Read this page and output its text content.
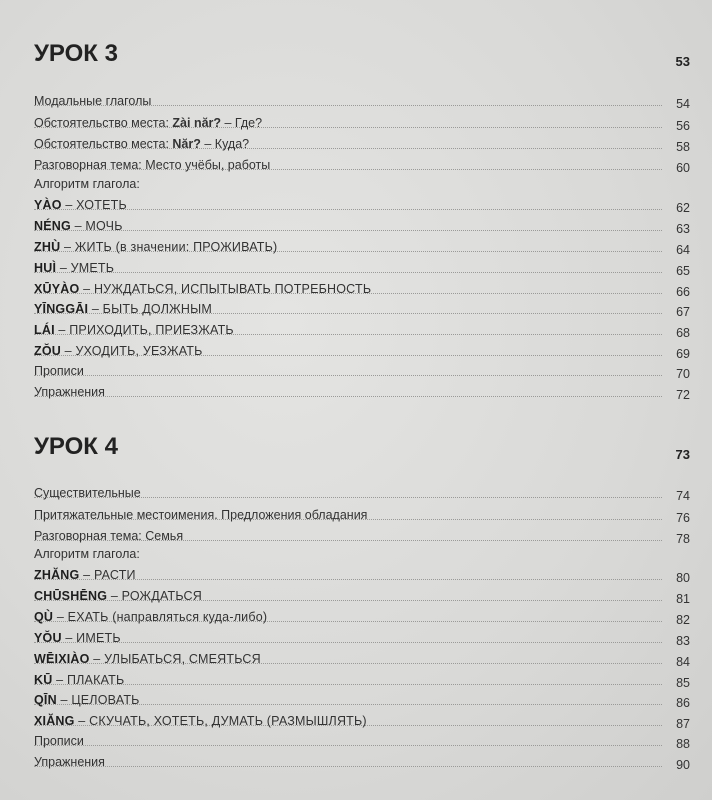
УРОК 3	53
Модальные глаголы	54
Обстоятельство места: Zài năr? – Где?	56
Обстоятельство места: Năr? – Куда?	58
Разговорная тема: Место учёбы, работы	60
Алгоритм глагола:
YÀO – ХОТЕТЬ	62
NÉNG – МОЧЬ	63
ZHÙ – ЖИТЬ (в значении: ПРОЖИВАТЬ)	64
HUÌ – УМЕТЬ	65
XŪYÀO – НУЖДАТЬСЯ, ИСПЫТЫВАТЬ ПОТРЕБНОСТЬ	66
YĪNGGĀI – БЫТЬ ДОЛЖНЫМ	67
LÁI – ПРИХОДИТЬ, ПРИЕЗЖАТЬ	68
ZŎU – УХОДИТЬ, УЕЗЖАТЬ	69
Прописи	70
Упражнения	72
УРОК 4	73
Существительные	74
Притяжательные местоимения. Предложения обладания	76
Разговорная тема: Семья	78
Алгоритм глагола:
ZHĂNG – РАСТИ	80
CHŪSHĒNG – РОЖДАТЬСЯ	81
QÙ – ЕХАТЬ (направляться куда-либо)	82
YŎU – ИМЕТЬ	83
WĒIXIÀO – УЛЫБАТЬСЯ, СМЕЯТЬСЯ	84
KŪ – ПЛАКАТЬ	85
QĪN – ЦЕЛОВАТЬ	86
XIĂNG – СКУЧАТЬ, ХОТЕТЬ, ДУМАТЬ (РАЗМЫШЛЯТЬ)	87
Прописи	88
Упражнения	90
